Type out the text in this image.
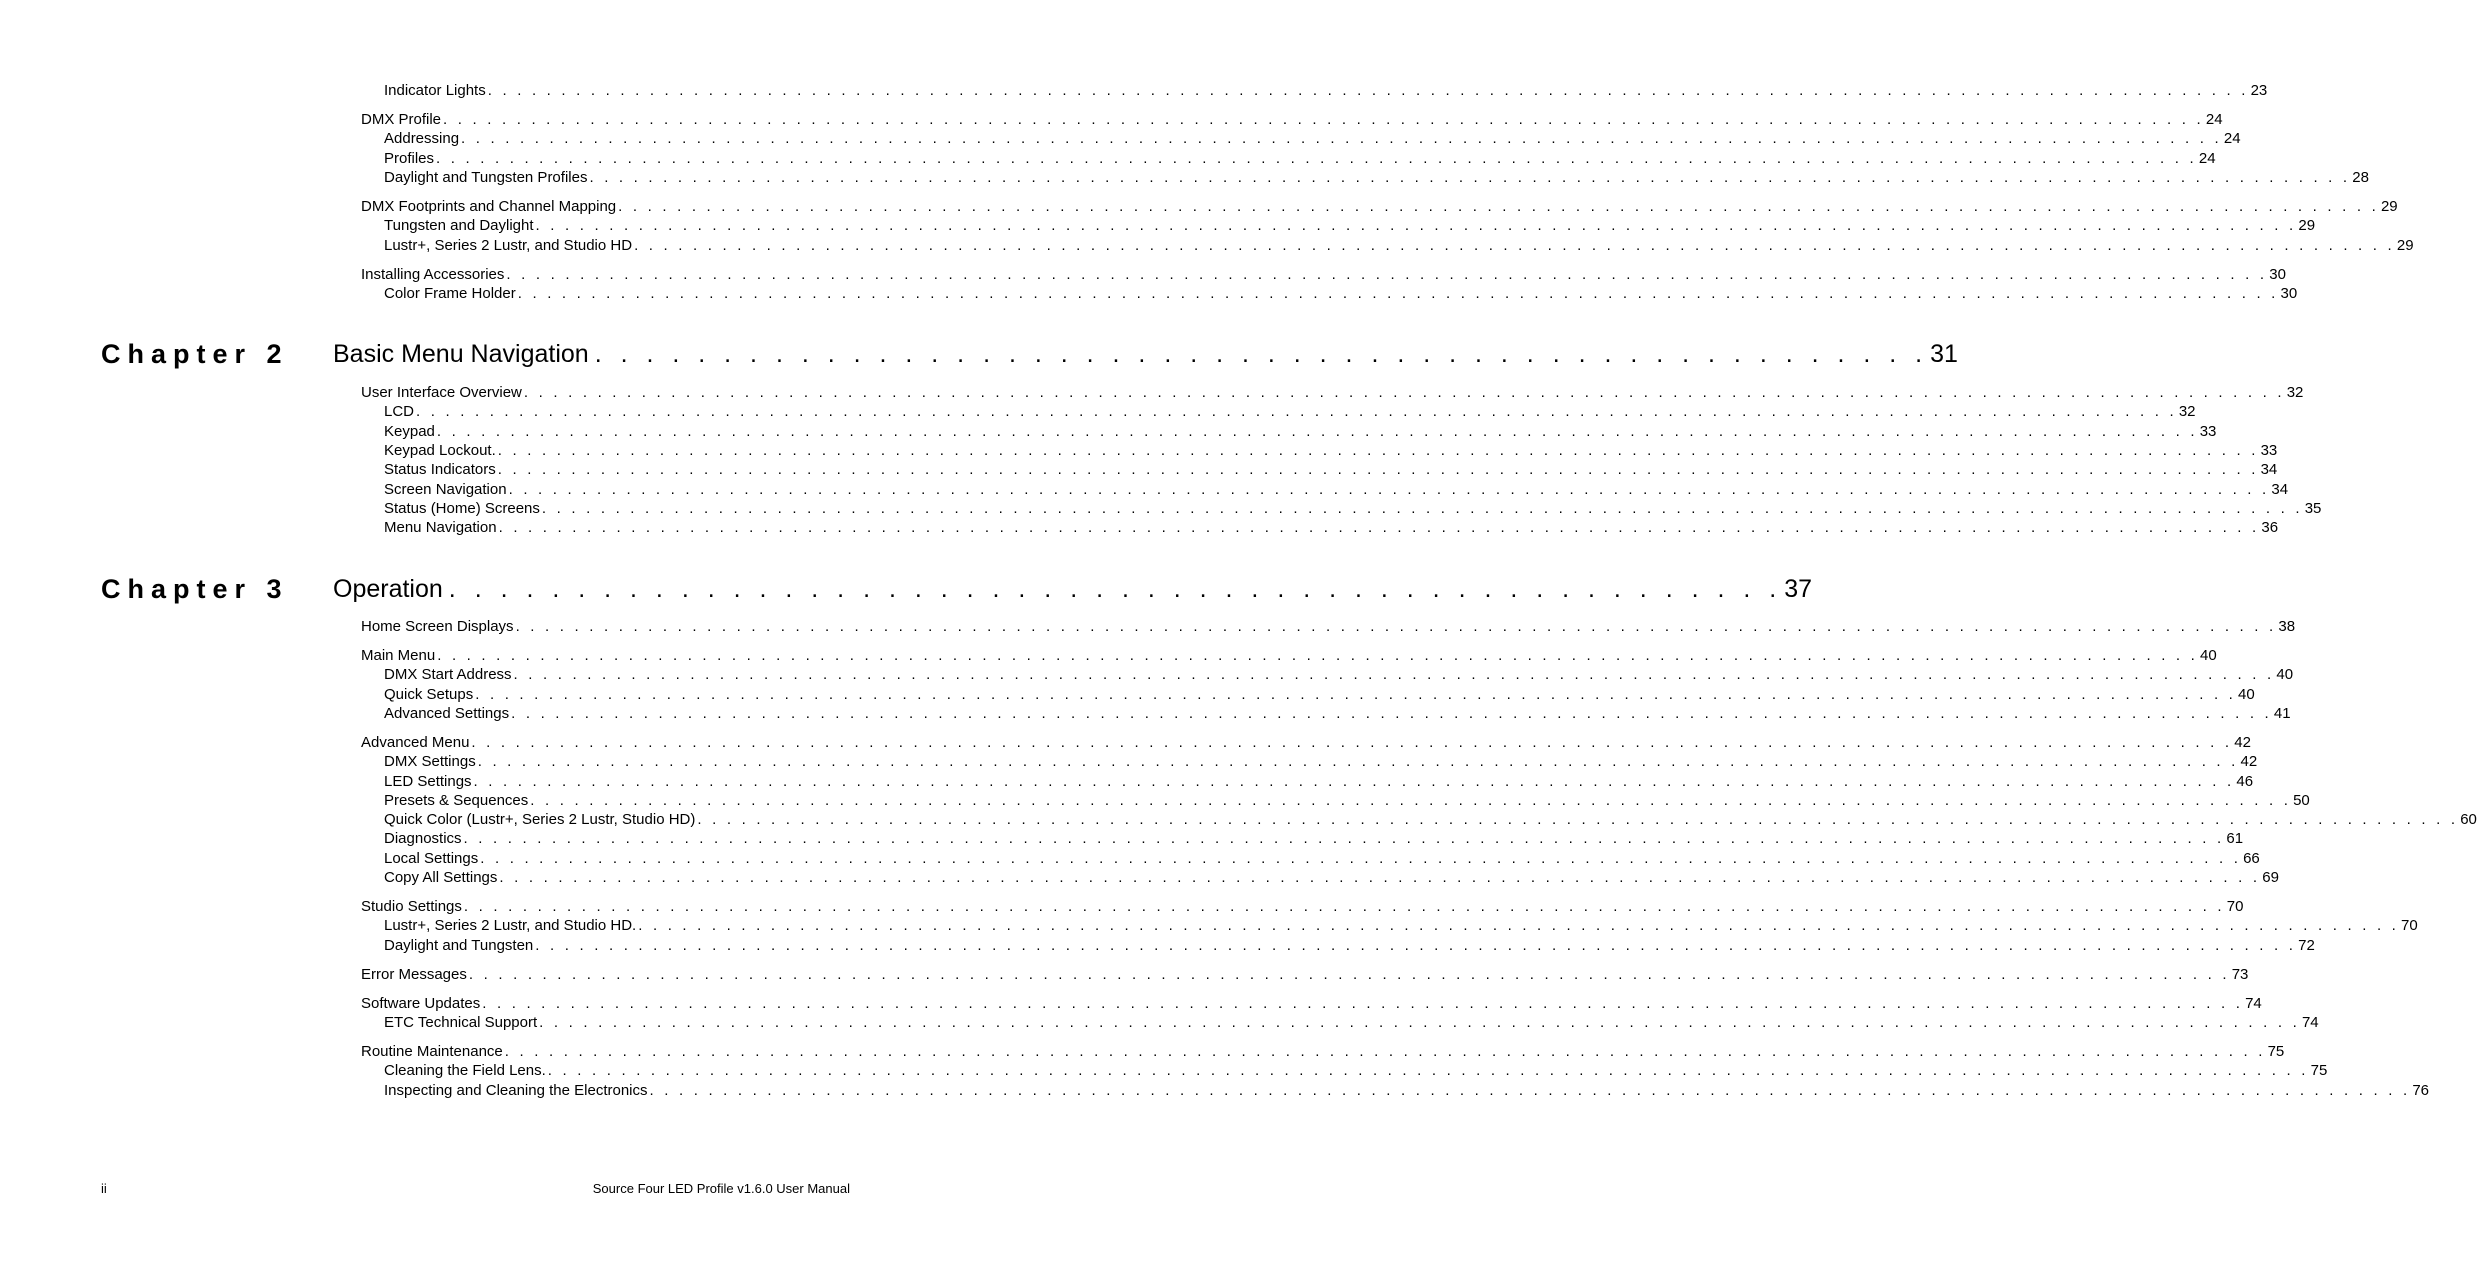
Indicator Lights . . . . . . . . . . . . . . . . . . . . . . . . . . . . . . . . . . . . . . . . . . . . . . . . . . . . . . . . . . . . . . . . . . . . . . . . . . . . . . . . . . . . . . . . . . . . . . . . . . . . . . . . . . . . . . . . . . . . . . . . 23
DMX Profile . . . . . . . . . . . . . . . . . . . . . . . . . . . . . . . . . . . . . . . . . . . . . . . . . . . . . . . . . . . . . . . . . . . . . . . . . . . . . . . . . . . . . . . . . . . . . . . . . . . . . . . . . . . . . . . . . . . . . . . . 24
Addressing . . . . . . . . . . . . . . . . . . . . . . . . . . . . . . . . . . . . . . . . . . . . . . . . . . . . . . . . . . . . . . . . . . . . . . . . . . . . . . . . . . . . . . . . . . . . . . . . . . . . . . . . . . . . . . . . . . . . . . . . 24
Profiles . . . . . . . . . . . . . . . . . . . . . . . . . . . . . . . . . . . . . . . . . . . . . . . . . . . . . . . . . . . . . . . . . . . . . . . . . . . . . . . . . . . . . . . . . . . . . . . . . . . . . . . . . . . . . . . . . . . . . . . . 24
Daylight and Tungsten Profiles . . . . . . . . . . . . . . . . . . . . . . . . . . . . . . . . . . . . . . . . . . . . . . . . . . . . . . . . . . . . . . . . . . . . . . . . . . . . . . . . . . . . . . . . . . . . . . . . . . . . . . . . . . . . . . . . . . . . . . . . 28
DMX Footprints and Channel Mapping . . . . . . . . . . . . . . . . . . . . . . . . . . . . . . . . . . . . . . . . . . . . . . . . . . . . . . . . . . . . . . . . . . . . . . . . . . . . . . . . . . . . . . . . . . . . . . . . . . . . . . . . . . . . . . . . . . . . . . . . 29
Tungsten and Daylight . . . . . . . . . . . . . . . . . . . . . . . . . . . . . . . . . . . . . . . . . . . . . . . . . . . . . . . . . . . . . . . . . . . . . . . . . . . . . . . . . . . . . . . . . . . . . . . . . . . . . . . . . . . . . . . . . . . . . . . . 29
Lustr+, Series 2 Lustr, and Studio HD . . . . . . . . . . . . . . . . . . . . . . . . . . . . . . . . . . . . . . . . . . . . . . . . . . . . . . . . . . . . . . . . . . . . . . . . . . . . . . . . . . . . . . . . . . . . . . . . . . . . . . . . . . . . . . . . . . . . . . . . 29
Installing Accessories . . . . . . . . . . . . . . . . . . . . . . . . . . . . . . . . . . . . . . . . . . . . . . . . . . . . . . . . . . . . . . . . . . . . . . . . . . . . . . . . . . . . . . . . . . . . . . . . . . . . . . . . . . . . . . . . . . . . . . . . 30
Color Frame Holder . . . . . . . . . . . . . . . . . . . . . . . . . . . . . . . . . . . . . . . . . . . . . . . . . . . . . . . . . . . . . . . . . . . . . . . . . . . . . . . . . . . . . . . . . . . . . . . . . . . . . . . . . . . . . . . . . . . . . . . . 30
Chapter 2 Basic Menu Navigation . . . . . . . . . . . . . . . . . . . . . . . . . . . . . . . . . . . . . . . . . . . . . . . . . . . . 31
User Interface Overview . . . . . . . . . . . . . . . . . . . . . . . . . . . . . . . . . . . . . . . . . . . . . . . . . . . . . . . . . . . . . . . . . . . . . . . . . . . . . . . . . . . . . . . . . . . . . . . . . . . . . . . . . . . . . . . . . . . . . . . . 32
LCD . . . . . . . . . . . . . . . . . . . . . . . . . . . . . . . . . . . . . . . . . . . . . . . . . . . . . . . . . . . . . . . . . . . . . . . . . . . . . . . . . . . . . . . . . . . . . . . . . . . . . . . . . . . . . . . . . . . . . . . . 32
Keypad . . . . . . . . . . . . . . . . . . . . . . . . . . . . . . . . . . . . . . . . . . . . . . . . . . . . . . . . . . . . . . . . . . . . . . . . . . . . . . . . . . . . . . . . . . . . . . . . . . . . . . . . . . . . . . . . . . . . . . . . 33
Keypad Lockout. . . . . . . . . . . . . . . . . . . . . . . . . . . . . . . . . . . . . . . . . . . . . . . . . . . . . . . . . . . . . . . . . . . . . . . . . . . . . . . . . . . . . . . . . . . . . . . . . . . . . . . . . . . . . . . . . . . . . . . . . 33
Status Indicators . . . . . . . . . . . . . . . . . . . . . . . . . . . . . . . . . . . . . . . . . . . . . . . . . . . . . . . . . . . . . . . . . . . . . . . . . . . . . . . . . . . . . . . . . . . . . . . . . . . . . . . . . . . . . . . . . . . . . . . . 34
Screen Navigation . . . . . . . . . . . . . . . . . . . . . . . . . . . . . . . . . . . . . . . . . . . . . . . . . . . . . . . . . . . . . . . . . . . . . . . . . . . . . . . . . . . . . . . . . . . . . . . . . . . . . . . . . . . . . . . . . . . . . . . . 34
Status (Home) Screens . . . . . . . . . . . . . . . . . . . . . . . . . . . . . . . . . . . . . . . . . . . . . . . . . . . . . . . . . . . . . . . . . . . . . . . . . . . . . . . . . . . . . . . . . . . . . . . . . . . . . . . . . . . . . . . . . . . . . . . . 35
Menu Navigation . . . . . . . . . . . . . . . . . . . . . . . . . . . . . . . . . . . . . . . . . . . . . . . . . . . . . . . . . . . . . . . . . . . . . . . . . . . . . . . . . . . . . . . . . . . . . . . . . . . . . . . . . . . . . . . . . . . . . . . . 36
Chapter 3 Operation . . . . . . . . . . . . . . . . . . . . . . . . . . . . . . . . . . . . . . . . . . . . . . . . . . . . 37
Home Screen Displays . . . . . . . . . . . . . . . . . . . . . . . . . . . . . . . . . . . . . . . . . . . . . . . . . . . . . . . . . . . . . . . . . . . . . . . . . . . . . . . . . . . . . . . . . . . . . . . . . . . . . . . . . . . . . . . . . . . . . . . . 38
Main Menu . . . . . . . . . . . . . . . . . . . . . . . . . . . . . . . . . . . . . . . . . . . . . . . . . . . . . . . . . . . . . . . . . . . . . . . . . . . . . . . . . . . . . . . . . . . . . . . . . . . . . . . . . . . . . . . . . . . . . . . . 40
DMX Start Address . . . . . . . . . . . . . . . . . . . . . . . . . . . . . . . . . . . . . . . . . . . . . . . . . . . . . . . . . . . . . . . . . . . . . . . . . . . . . . . . . . . . . . . . . . . . . . . . . . . . . . . . . . . . . . . . . . . . . . . . 40
Quick Setups . . . . . . . . . . . . . . . . . . . . . . . . . . . . . . . . . . . . . . . . . . . . . . . . . . . . . . . . . . . . . . . . . . . . . . . . . . . . . . . . . . . . . . . . . . . . . . . . . . . . . . . . . . . . . . . . . . . . . . . . 40
Advanced Settings . . . . . . . . . . . . . . . . . . . . . . . . . . . . . . . . . . . . . . . . . . . . . . . . . . . . . . . . . . . . . . . . . . . . . . . . . . . . . . . . . . . . . . . . . . . . . . . . . . . . . . . . . . . . . . . . . . . . . . . . 41
Advanced Menu . . . . . . . . . . . . . . . . . . . . . . . . . . . . . . . . . . . . . . . . . . . . . . . . . . . . . . . . . . . . . . . . . . . . . . . . . . . . . . . . . . . . . . . . . . . . . . . . . . . . . . . . . . . . . . . . . . . . . . . . 42
DMX Settings . . . . . . . . . . . . . . . . . . . . . . . . . . . . . . . . . . . . . . . . . . . . . . . . . . . . . . . . . . . . . . . . . . . . . . . . . . . . . . . . . . . . . . . . . . . . . . . . . . . . . . . . . . . . . . . . . . . . . . . . 42
LED Settings . . . . . . . . . . . . . . . . . . . . . . . . . . . . . . . . . . . . . . . . . . . . . . . . . . . . . . . . . . . . . . . . . . . . . . . . . . . . . . . . . . . . . . . . . . . . . . . . . . . . . . . . . . . . . . . . . . . . . . . . 46
Presets & Sequences . . . . . . . . . . . . . . . . . . . . . . . . . . . . . . . . . . . . . . . . . . . . . . . . . . . . . . . . . . . . . . . . . . . . . . . . . . . . . . . . . . . . . . . . . . . . . . . . . . . . . . . . . . . . . . . . . . . . . . . . 50
Quick Color (Lustr+, Series 2 Lustr, Studio HD) . . . . . . . . . . . . . . . . . . . . . . . . . . . . . . . . . . . . . . . . . . . . . . . . . . . . . . . . . . . . . . . . . . . . . . . . . . . . . . . . . . . . . . . . . . . . . . . . . . . . . . . . . . . . . . . . . . . . . . . . 60
Diagnostics . . . . . . . . . . . . . . . . . . . . . . . . . . . . . . . . . . . . . . . . . . . . . . . . . . . . . . . . . . . . . . . . . . . . . . . . . . . . . . . . . . . . . . . . . . . . . . . . . . . . . . . . . . . . . . . . . . . . . . . . 61
Local Settings . . . . . . . . . . . . . . . . . . . . . . . . . . . . . . . . . . . . . . . . . . . . . . . . . . . . . . . . . . . . . . . . . . . . . . . . . . . . . . . . . . . . . . . . . . . . . . . . . . . . . . . . . . . . . . . . . . . . . . . . 66
Copy All Settings . . . . . . . . . . . . . . . . . . . . . . . . . . . . . . . . . . . . . . . . . . . . . . . . . . . . . . . . . . . . . . . . . . . . . . . . . . . . . . . . . . . . . . . . . . . . . . . . . . . . . . . . . . . . . . . . . . . . . . . . 69
Studio Settings . . . . . . . . . . . . . . . . . . . . . . . . . . . . . . . . . . . . . . . . . . . . . . . . . . . . . . . . . . . . . . . . . . . . . . . . . . . . . . . . . . . . . . . . . . . . . . . . . . . . . . . . . . . . . . . . . . . . . . . . 70
Lustr+, Series 2 Lustr, and Studio HD. . . . . . . . . . . . . . . . . . . . . . . . . . . . . . . . . . . . . . . . . . . . . . . . . . . . . . . . . . . . . . . . . . . . . . . . . . . . . . . . . . . . . . . . . . . . . . . . . . . . . . . . . . . . . . . . . . . . . . . . . 70
Daylight and Tungsten . . . . . . . . . . . . . . . . . . . . . . . . . . . . . . . . . . . . . . . . . . . . . . . . . . . . . . . . . . . . . . . . . . . . . . . . . . . . . . . . . . . . . . . . . . . . . . . . . . . . . . . . . . . . . . . . . . . . . . . . 72
Error Messages . . . . . . . . . . . . . . . . . . . . . . . . . . . . . . . . . . . . . . . . . . . . . . . . . . . . . . . . . . . . . . . . . . . . . . . . . . . . . . . . . . . . . . . . . . . . . . . . . . . . . . . . . . . . . . . . . . . . . . . . 73
Software Updates . . . . . . . . . . . . . . . . . . . . . . . . . . . . . . . . . . . . . . . . . . . . . . . . . . . . . . . . . . . . . . . . . . . . . . . . . . . . . . . . . . . . . . . . . . . . . . . . . . . . . . . . . . . . . . . . . . . . . . . . 74
ETC Technical Support . . . . . . . . . . . . . . . . . . . . . . . . . . . . . . . . . . . . . . . . . . . . . . . . . . . . . . . . . . . . . . . . . . . . . . . . . . . . . . . . . . . . . . . . . . . . . . . . . . . . . . . . . . . . . . . . . . . . . . . . 74
Routine Maintenance . . . . . . . . . . . . . . . . . . . . . . . . . . . . . . . . . . . . . . . . . . . . . . . . . . . . . . . . . . . . . . . . . . . . . . . . . . . . . . . . . . . . . . . . . . . . . . . . . . . . . . . . . . . . . . . . . . . . . . . . 75
Cleaning the Field Lens. . . . . . . . . . . . . . . . . . . . . . . . . . . . . . . . . . . . . . . . . . . . . . . . . . . . . . . . . . . . . . . . . . . . . . . . . . . . . . . . . . . . . . . . . . . . . . . . . . . . . . . . . . . . . . . . . . . . . . . . . 75
Inspecting and Cleaning the Electronics . . . . . . . . . . . . . . . . . . . . . . . . . . . . . . . . . . . . . . . . . . . . . . . . . . . . . . . . . . . . . . . . . . . . . . . . . . . . . . . . . . . . . . . . . . . . . . . . . . . . . . . . . . . . . . . . . . . . . . . . 76
ii	Source Four LED Profile v1.6.0 User Manual
